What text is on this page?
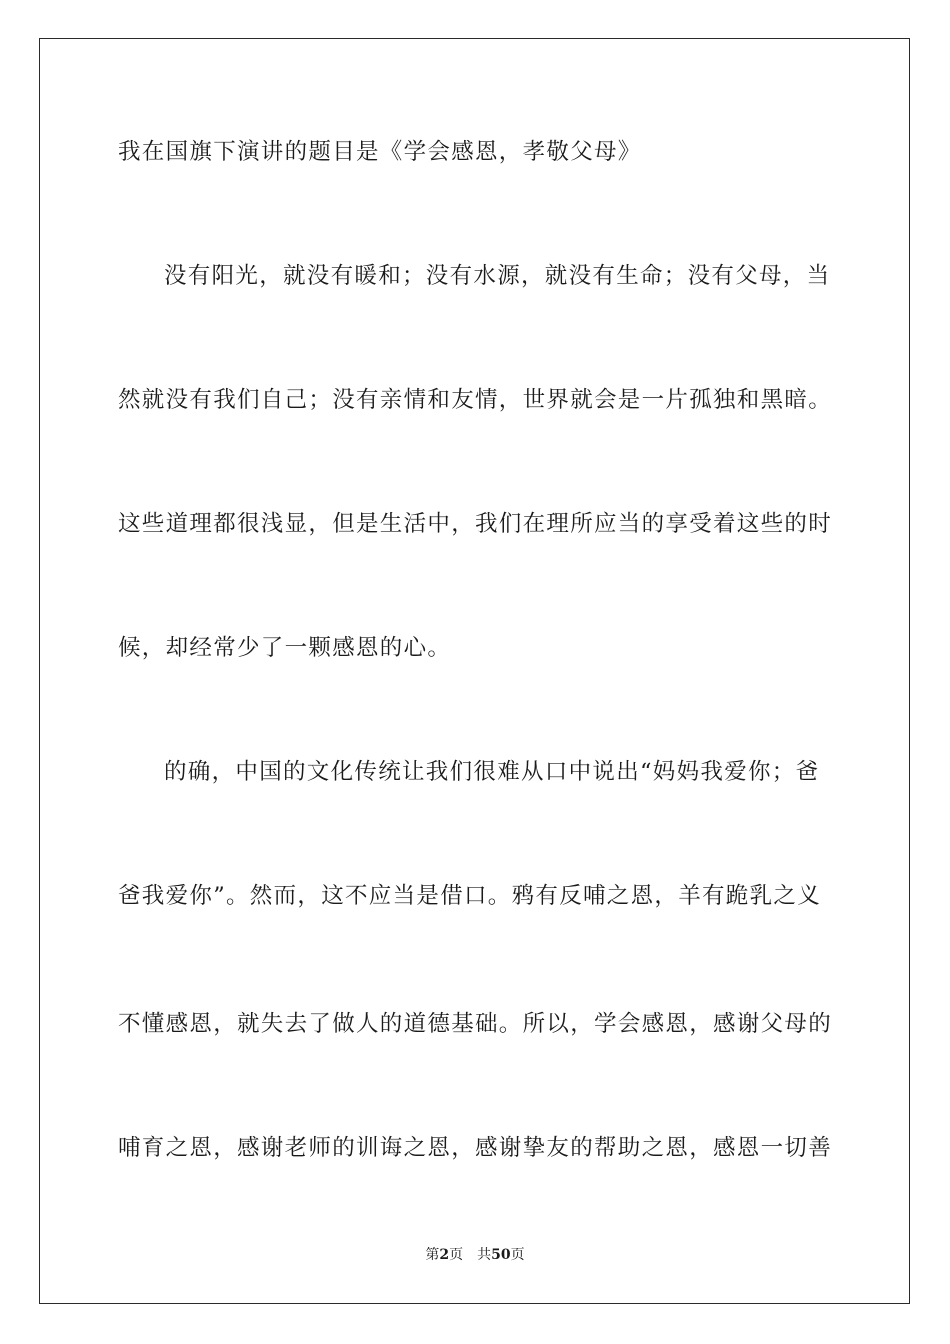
我在国旗下演讲的题目是《学会感恩，孝敬父母》
没有阳光，就没有暖和；没有水源，就没有生命；没有父母，当
然就没有我们自己；没有亲情和友情，世界就会是一片孤独和黑暗。
这些道理都很浅显，但是生活中，我们在理所应当的享受着这些的时
候，却经常少了一颗感恩的心。
的确，中国的文化传统让我们很难从口中说出“妈妈我爱你；爸
爸我爱你”。然而，这不应当是借口。鸦有反哺之恩，羊有跪乳之义
不懂感恩，就失去了做人的道德基础。所以，学会感恩，感谢父母的
哺育之恩，感谢老师的训诲之恩，感谢挚友的帮助之恩，感恩一切善
第2页 共50页
